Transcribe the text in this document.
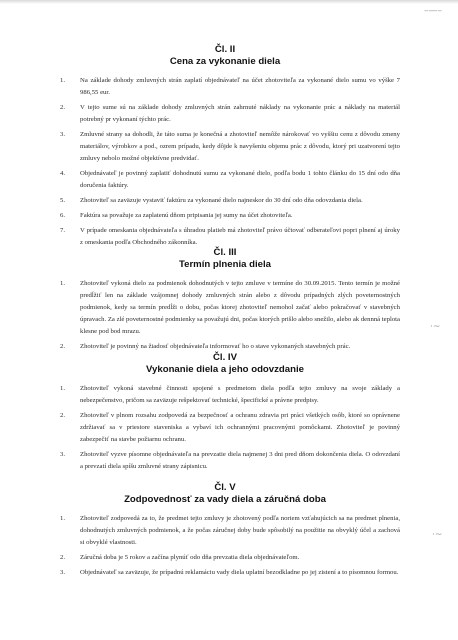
–—–
·~
·~
Čl. II
Cena za vykonanie diela
1. Na základe dohody zmluvných strán zaplatí objednávateľ na účet zhotoviteľa za vykonané dielo sumu vo výške 7 986,55 eur.
2. V tejto sume sú na základe dohody zmluvných strán zahrnuté náklady na vykonanie prác a náklady na materiál potrebný pr vykonaní týchto prác.
3. Zmluvné strany sa dohodli, že táto suma je konečná a zhotoviteľ nemôže nárokovať vo vyššiu cenu z dôvodu zmeny materiálov, výrobkov a pod., ozrem prípadu, kedy dôjde k navyšeniu objemu prác z dôvodu, ktorý pri uzatvorení tejto zmluvy nebolo možné objektívne predvidať.
4. Objednávateľ je povinný zaplatiť dohodnutú sumu za vykonané dielo, podľa bodu 1 tohto článku do 15 dní odo dňa doručenia faktúry.
5. Zhotoviteľ sa zaväzuje vystaviť faktúru za vykonané dielo najneskor do 30 dní odo dňa odovzdania diela.
6. Faktúra sa považuje za zaplatenú dňom pripisania jej sumy na účet zhotoviteľa.
7. V prípade omeskania objednávateľa s úhradou platieb má zhotoviteľ právo účtovať odberateľovi popri plnení aj úroky z omeskania podľa Obchodného zákonníka.
Čl. III
Termín plnenia diela
1. Zhotoviteľ vykoná dielo za podmienok dohodnutých v tejto zmluve v termíne do 30.09.2015. Tento termín je možné predĺžiť len na základe vzájomnej dohody zmluvných strán alebo z dôvodu prípadných zlých poveternostných podmienok, kedy sa termín predĺži o dobu, počas ktorej zhotoviteľ nemohol začať alebo pokračovať v stavebných úpravach. Za zlé poveternostné podmienky sa považujú dni, počas ktorých prišlo alebo snežilo, alebo ak dennná teplota klesne pod bod mrazu.
2. Zhotoviteľ je povinný na žiadosť objednávateľa informovať ho o stave vykonaných stavebných prác.
Čl. IV
Vykonanie diela a jeho odovzdanie
1. Zhotoviteľ vykoná stavebné činnosti spojené s predmetom diela podľa tejto zmluvy na svoje základy a nebezpečenstvo, pričom sa zaväzuje rešpektovať technické, špecifické a právne predpisy.
2. Zhotoviteľ v plnom rozsahu zodpovedá za bezpečnosť a ochranu zdravia pri práci všetkých osôb, ktoré so oprávnene zdržiavať sa v priestore staveniska a vybaví ich ochrannými pracovnými pomôckami. Zhotoviteľ je povinný zabezpečiť na stavbe požiarnu ochranu.
3. Zhotoviteľ vyzve písomne objednávateľa na prevzatie diela najmenej 3 dni pred dňom dokončenia diela. O odovzdaní a prevzatí diela spíšu zmluvné strany zápisnicu.
Čl. V
Zodpovednosť za vady diela a záručná doba
1. Zhotoviteľ zodpovedá za to, že predmet tejto zmluvy je zhotovený podľa noriem vzťahujúcich sa na predmet plnenia, dohodnutých zmluvných podmienok, a že počas záručnej doby bude spôsobilý na použitie na obvyklý účel a zachová si obvyklé vlastnosti.
2. Záručná doba je 5 rokov a začína plynúť odo dňa prevzatia diela objednávateľom.
3. Objednávateľ sa zaväzuje, že prípadnú reklamáciu vady diela uplatní bezodkladne po jej zistení a to písomnou formou.
